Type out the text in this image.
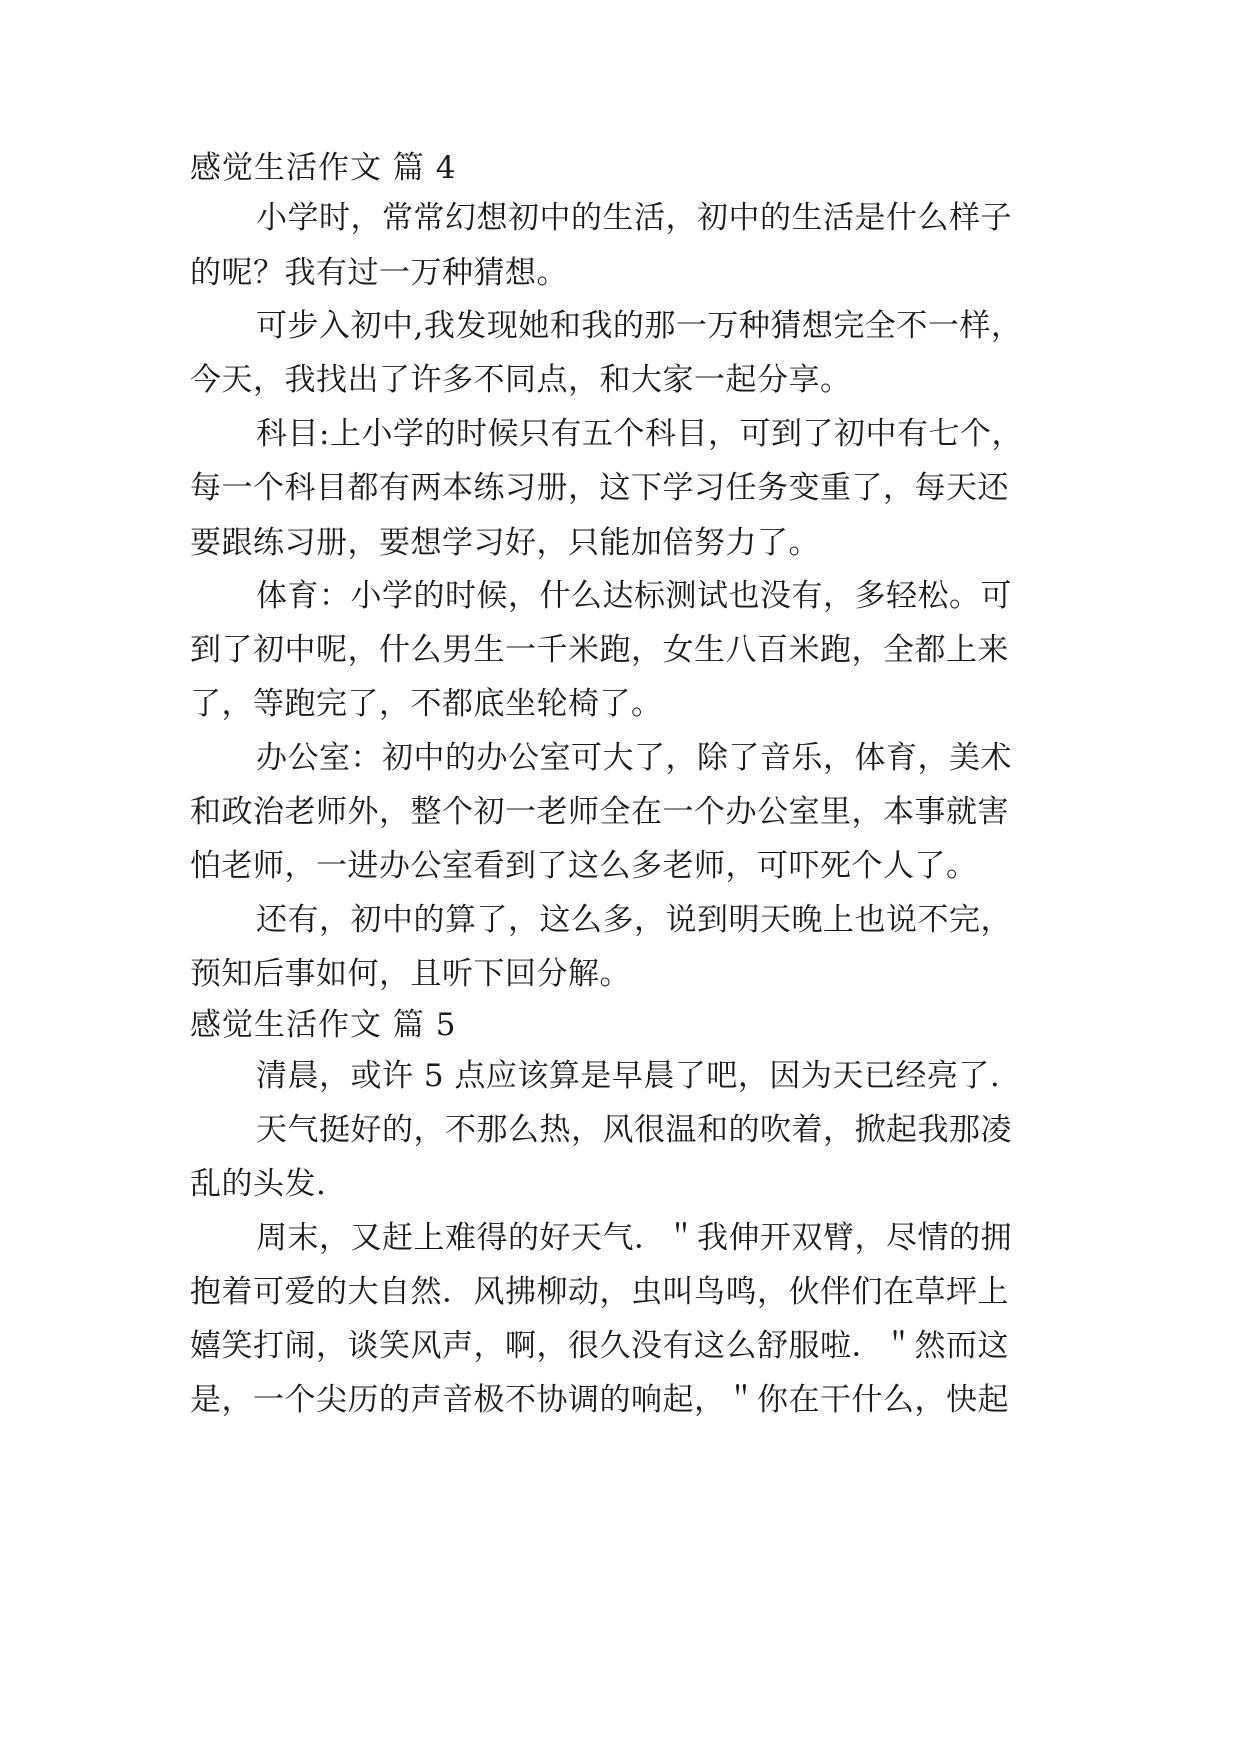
感觉生活作文 篇 4
小学时，常常幻想初中的生活，初中的生活是什么样子
的呢？我有过一万种猜想。
可步入初中,我发现她和我的那一万种猜想完全不一样，
今天，我找出了许多不同点，和大家一起分享。
科目:上小学的时候只有五个科目，可到了初中有七个，
每一个科目都有两本练习册，这下学习任务变重了，每天还
要跟练习册，要想学习好，只能加倍努力了。
体育：小学的时候，什么达标测试也没有，多轻松。可
到了初中呢，什么男生一千米跑，女生八百米跑，全都上来
了，等跑完了，不都底坐轮椅了。
办公室：初中的办公室可大了，除了音乐，体育，美术
和政治老师外，整个初一老师全在一个办公室里，本事就害
怕老师，一进办公室看到了这么多老师，可吓死个人了。
还有，初中的算了，这么多，说到明天晚上也说不完，
预知后事如何，且听下回分解。
感觉生活作文 篇 5
清晨，或许 5 点应该算是早晨了吧，因为天已经亮了.
天气挺好的，不那么热，风很温和的吹着，掀起我那凌
乱的头发.
周末，又赶上难得的好天气．＂我伸开双臂，尽情的拥
抱着可爱的大自然．风拂柳动，虫叫鸟鸣，伙伴们在草坪上
嬉笑打闹，谈笑风声，啊，很久没有这么舒服啦．＂然而这
是，一个尖历的声音极不协调的响起，＂你在干什么，快起
